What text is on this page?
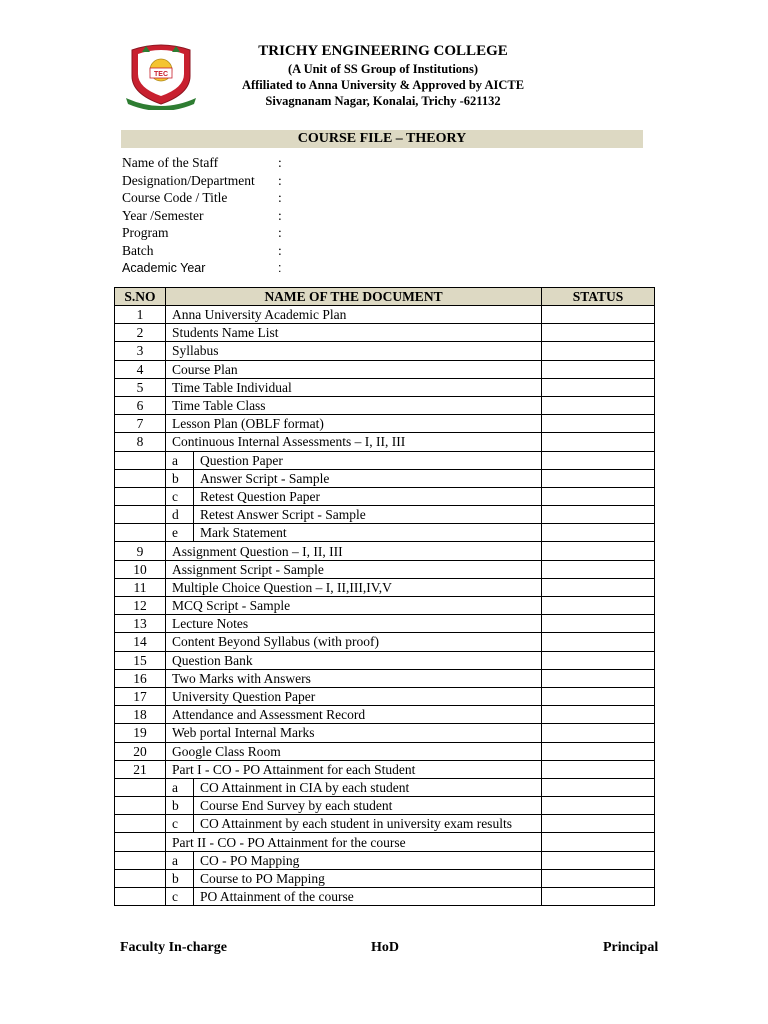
TEC
TRICHY ENGINEERING COLLEGE
(A Unit of SS Group of Institutions)
Affiliated to Anna University & Approved by AICTE
Sivagnanam Nagar, Konalai, Trichy -621132
COURSE FILE – THEORY
Name of the Staff	:
Designation/Department :
Course Code / Title	:
Year /Semester	:
Program	:
Batch	:
Academic Year	:
S.NO	NAME OF THE DOCUMENT		STATUS
1	Anna University Academic Plan		
2	Students Name List		
3	Syllabus		
4	Course Plan		
5	Time Table Individual		
6	Time Table Class		
7	Lesson Plan (OBLF format)		
8	Continuous Internal Assessments – I, II, III		
	a	Question Paper	
	b	Answer Script - Sample	
	c	Retest Question Paper	
	d	Retest Answer Script - Sample	
	e	Mark Statement	
9	Assignment Question – I, II, III		
10	Assignment Script - Sample		
11	Multiple Choice Question – I, II,III,IV,V		
12	MCQ Script - Sample		
13	Lecture Notes		
14	Content Beyond Syllabus (with proof)		
15	Question Bank		
16	Two Marks with Answers		
17	University Question Paper		
18	Attendance and Assessment Record		
19	Web portal Internal Marks		
20	Google Class Room		
21	Part I - CO - PO Attainment for each Student		
	a	CO Attainment in CIA by each student	
	b	Course End Survey by each student	
	c	CO Attainment by each student in university exam results	
	Part II - CO - PO Attainment for the course		
	a	CO - PO Mapping	
	b	Course to PO Mapping	
	c	PO Attainment of the course	
Faculty In-charge	HoD	Principal
